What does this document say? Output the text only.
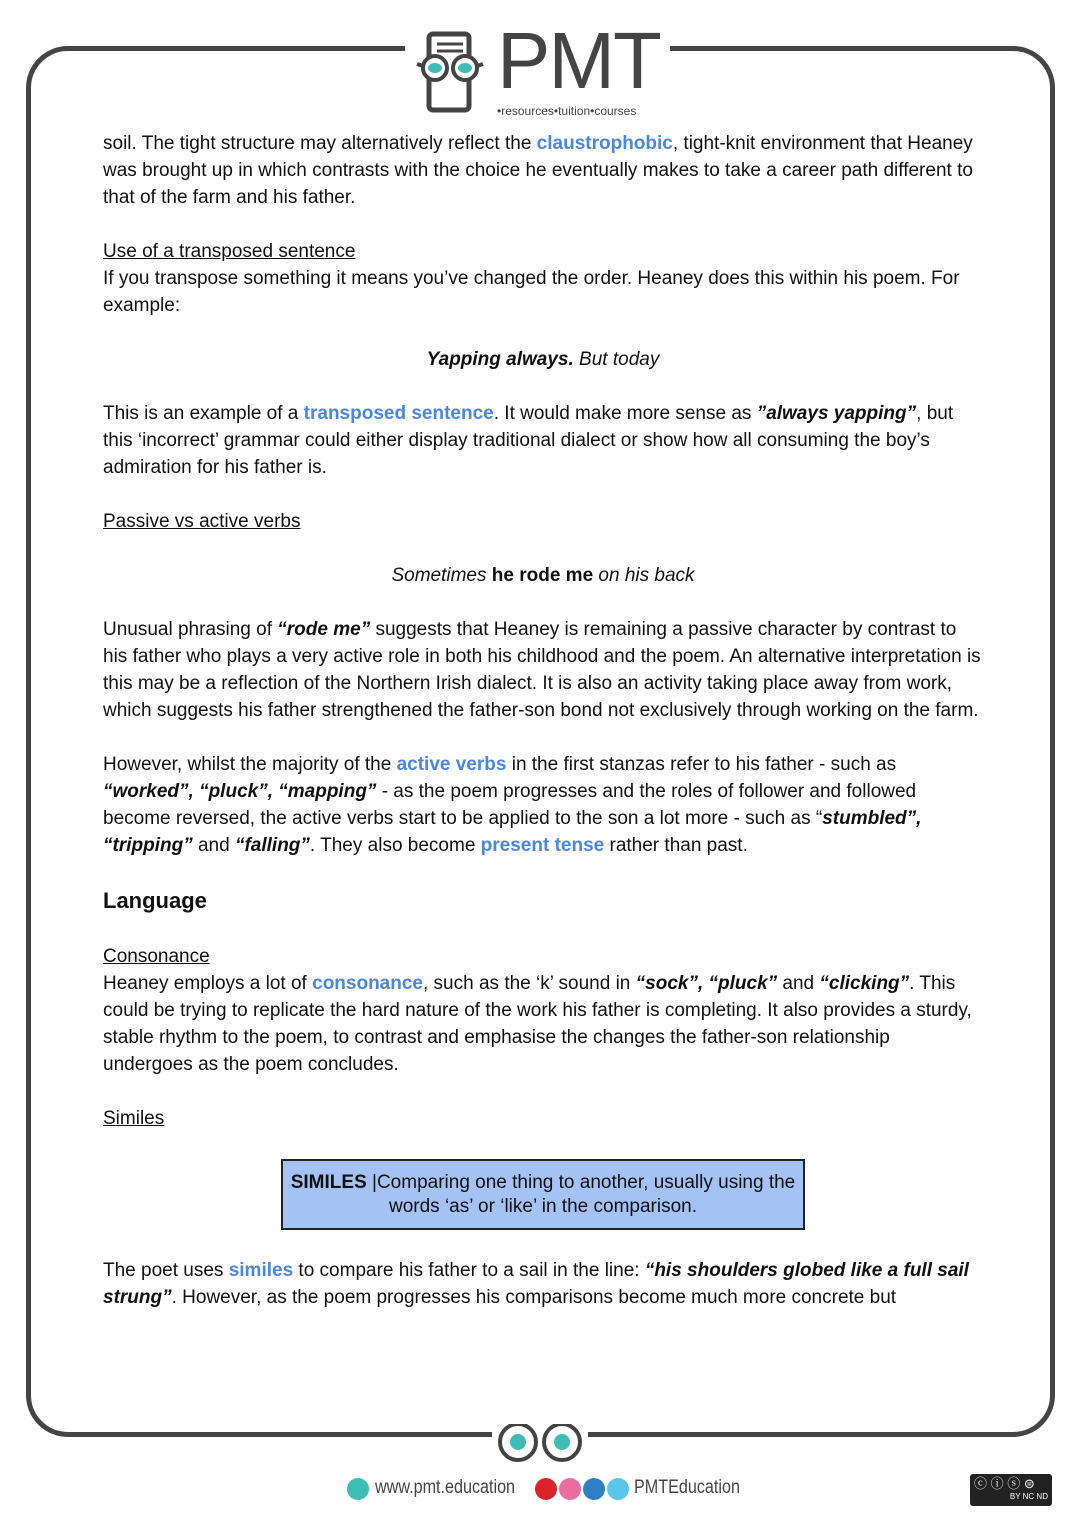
PMT
•resources•tuition•courses
soil. The tight structure may alternatively reflect the claustrophobic, tight-knit environment that Heaney was brought up in which contrasts with the choice he eventually makes to take a career path different to that of the farm and his father.
Use of a transposed sentence
If you transpose something it means you’ve changed the order. Heaney does this within his poem. For example:
Yapping always. But today
This is an example of a transposed sentence. It would make more sense as ”always yapping”, but this ‘incorrect’ grammar could either display traditional dialect or show how all consuming the boy’s admiration for his father is.
Passive vs active verbs
Sometimes he rode me on his back
Unusual phrasing of “rode me” suggests that Heaney is remaining a passive character by contrast to his father who plays a very active role in both his childhood and the poem. An alternative interpretation is this may be a reflection of the Northern Irish dialect. It is also an activity taking place away from work, which suggests his father strengthened the father-son bond not exclusively through working on the farm.
However, whilst the majority of the active verbs in the first stanzas refer to his father - such as “worked”, “pluck”, “mapping” - as the poem progresses and the roles of follower and followed become reversed, the active verbs start to be applied to the son a lot more - such as “stumbled”, “tripping” and “falling”. They also become present tense rather than past.
Language
Consonance
Heaney employs a lot of consonance, such as the ‘k’ sound in “sock”, “pluck” and “clicking”. This could be trying to replicate the hard nature of the work his father is completing. It also provides a sturdy, stable rhythm to the poem, to contrast and emphasise the changes the father-son relationship undergoes as the poem concludes.
Similes
SIMILES |Comparing one thing to another, usually using the words ‘as’ or ‘like’ in the comparison.
The poet uses similes to compare his father to a sail in the line: “his shoulders globed like a full sail strung”. However, as the poem progresses his comparisons become much more concrete but
www.pmt.education	PMTEducation	ⓒ ⓘ ⓢ ⊜
BY NC ND
